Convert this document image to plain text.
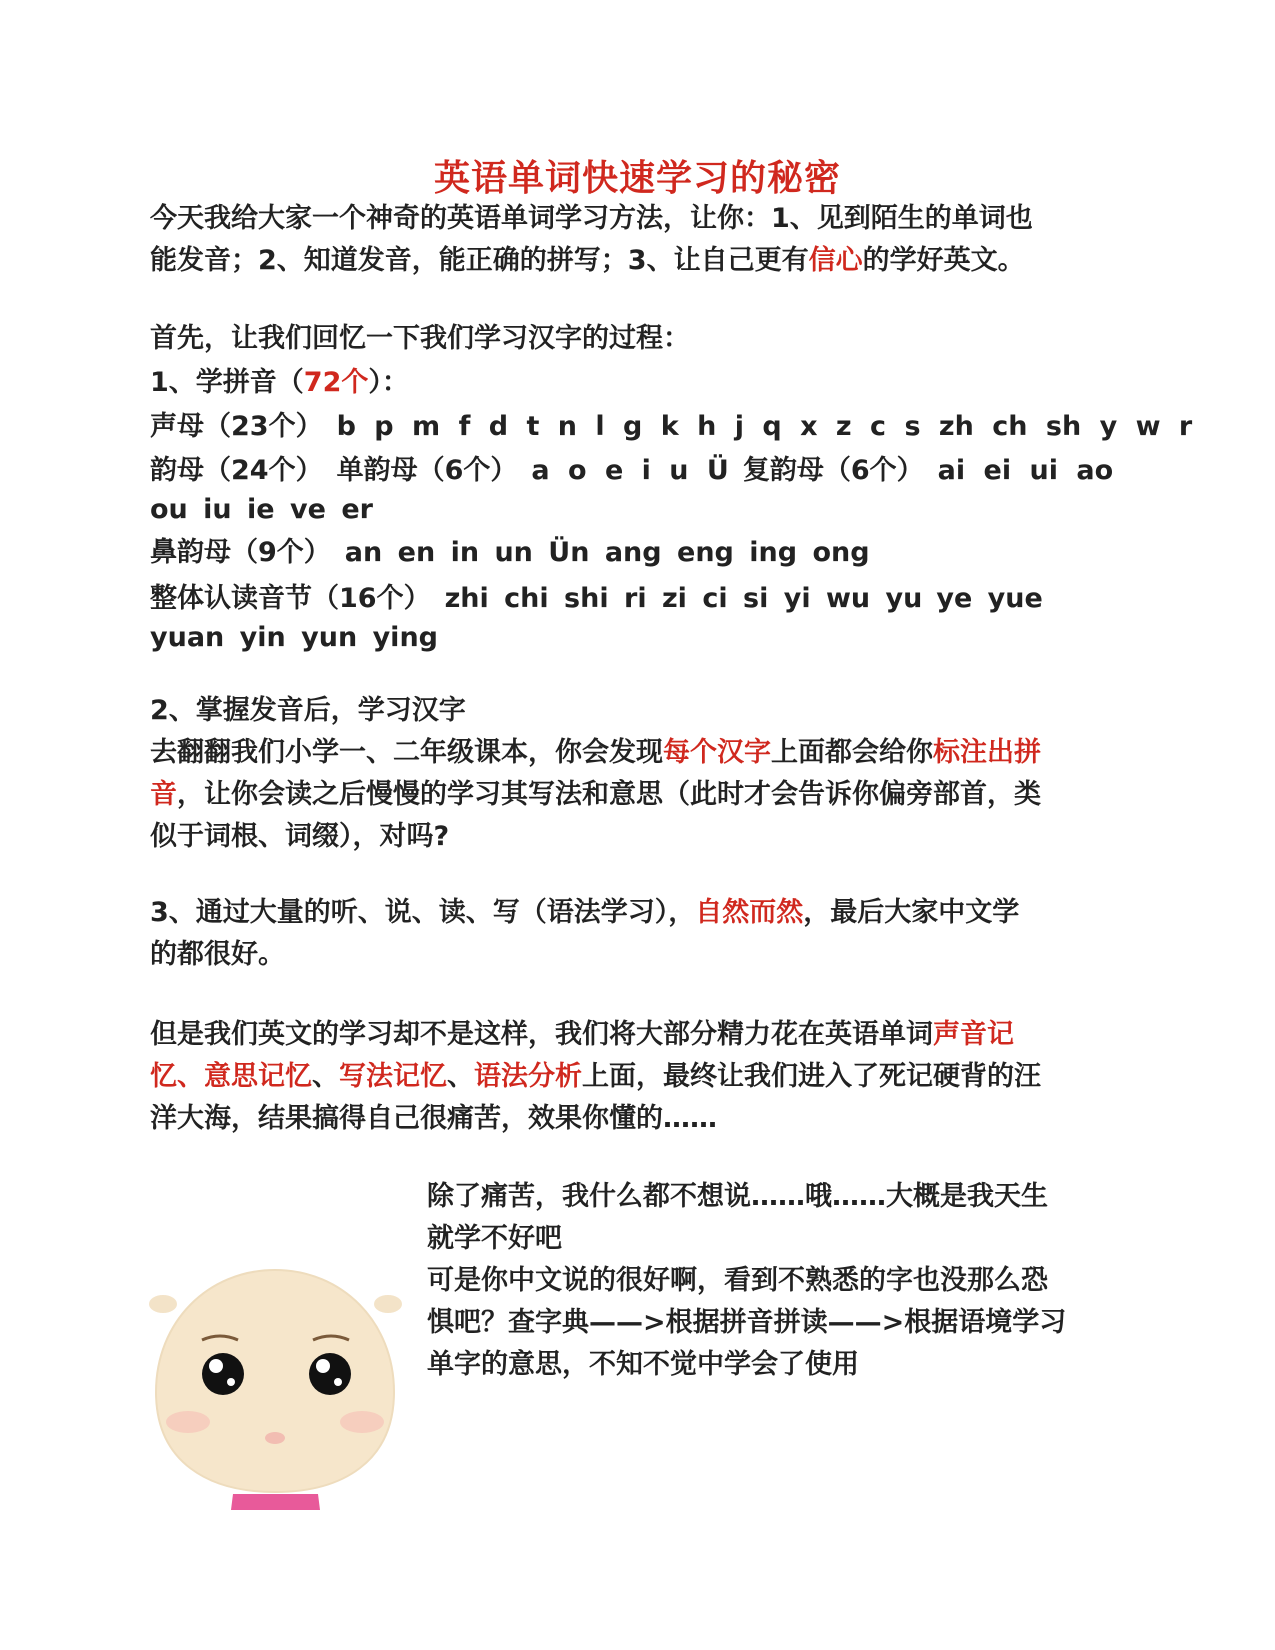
英语单词快速学习的秘密
今天我给大家一个神奇的英语单词学习方法，让你：1、见到陌生的单词也
能发音；2、知道发音，能正确的拼写；3、让自己更有信心的学好英文。
首先，让我们回忆一下我们学习汉字的过程：
1、学拼音（72个）：
声母（23个） b p m f d t n l g k h j q x z c s zh ch sh y w r
韵母（24个） 单韵母（6个） a o e i u Ü 复韵母（6个） ai ei ui ao
ou iu ie ve er
鼻韵母（9个） an en in un Ün ang eng ing ong
整体认读音节（16个） zhi chi shi ri zi ci si yi wu yu ye yue
yuan yin yun ying
2、掌握发音后，学习汉字
去翻翻我们小学一、二年级课本，你会发现每个汉字上面都会给你标注出拼
音，让你会读之后慢慢的学习其写法和意思（此时才会告诉你偏旁部首，类
似于词根、词缀），对吗?
3、通过大量的听、说、读、写（语法学习），自然而然，最后大家中文学
的都很好。
但是我们英文的学习却不是这样，我们将大部分精力花在英语单词声音记
忆、意思记忆、写法记忆、语法分析上面，最终让我们进入了死记硬背的汪
洋大海，结果搞得自己很痛苦，效果你懂的……
除了痛苦，我什么都不想说……哦……大概是我天生
就学不好吧
可是你中文说的很好啊，看到不熟悉的字也没那么恐
惧吧？查字典——>根据拼音拼读——>根据语境学习
单字的意思，不知不觉中学会了使用
